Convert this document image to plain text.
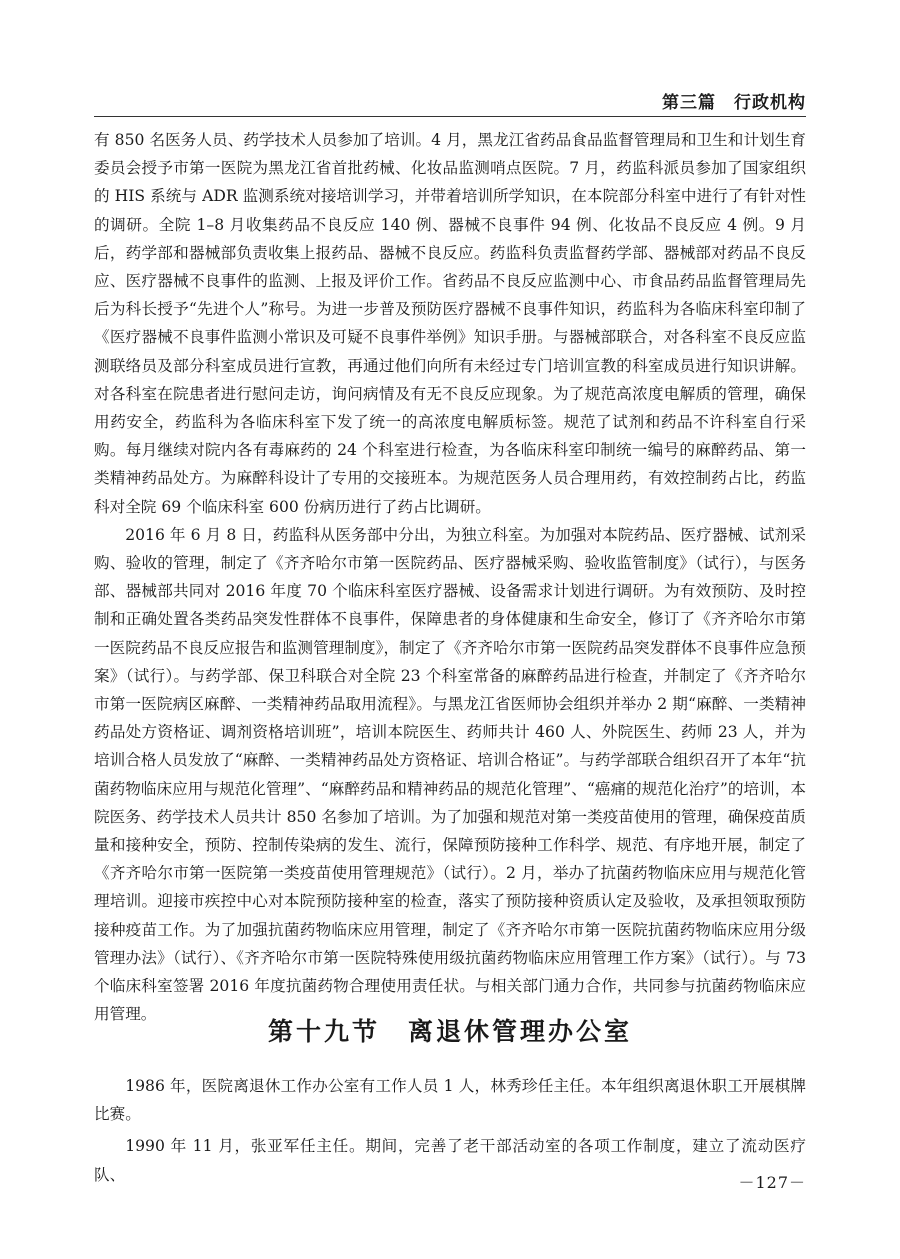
第三篇　行政机构

有 850 名医务人员、药学技术人员参加了培训。4 月，黑龙江省药品食品监督管理局和卫生和计划生育委员会授予市第一医院为黑龙江省首批药械、化妆品监测哨点医院。7 月，药监科派员参加了国家组织的 HIS 系统与 ADR 监测系统对接培训学习，并带着培训所学知识，在本院部分科室中进行了有针对性的调研。全院 1–8 月收集药品不良反应 140 例、器械不良事件 94 例、化妆品不良反应 4 例。9 月后，药学部和器械部负责收集上报药品、器械不良反应。药监科负责监督药学部、器械部对药品不良反应、医疗器械不良事件的监测、上报及评价工作。省药品不良反应监测中心、市食品药品监督管理局先后为科长授予“先进个人”称号。为进一步普及预防医疗器械不良事件知识，药监科为各临床科室印制了《医疗器械不良事件监测小常识及可疑不良事件举例》知识手册。与器械部联合，对各科室不良反应监测联络员及部分科室成员进行宣教，再通过他们向所有未经过专门培训宣教的科室成员进行知识讲解。对各科室在院患者进行慰问走访，询问病情及有无不良反应现象。为了规范高浓度电解质的管理，确保用药安全，药监科为各临床科室下发了统一的高浓度电解质标签。规范了试剂和药品不许科室自行采购。每月继续对院内各有毒麻药的 24 个科室进行检查，为各临床科室印制统一编号的麻醉药品、第一类精神药品处方。为麻醉科设计了专用的交接班本。为规范医务人员合理用药，有效控制药占比，药监科对全院 69 个临床科室 600 份病历进行了药占比调研。

2016 年 6 月 8 日，药监科从医务部中分出，为独立科室。为加强对本院药品、医疗器械、试剂采购、验收的管理，制定了《齐齐哈尔市第一医院药品、医疗器械采购、验收监管制度》（试行），与医务部、器械部共同对 2016 年度 70 个临床科室医疗器械、设备需求计划进行调研。为有效预防、及时控制和正确处置各类药品突发性群体不良事件，保障患者的身体健康和生命安全，修订了《齐齐哈尔市第一医院药品不良反应报告和监测管理制度》，制定了《齐齐哈尔市第一医院药品突发群体不良事件应急预案》（试行）。与药学部、保卫科联合对全院 23 个科室常备的麻醉药品进行检查，并制定了《齐齐哈尔市第一医院病区麻醉、一类精神药品取用流程》。与黑龙江省医师协会组织并举办 2 期“麻醉、一类精神药品处方资格证、调剂资格培训班”，培训本院医生、药师共计 460 人、外院医生、药师 23 人，并为培训合格人员发放了“麻醉、一类精神药品处方资格证、培训合格证”。与药学部联合组织召开了本年“抗菌药物临床应用与规范化管理”、“麻醉药品和精神药品的规范化管理”、“癌痛的规范化治疗”的培训，本院医务、药学技术人员共计 850 名参加了培训。为了加强和规范对第一类疫苗使用的管理，确保疫苗质量和接种安全，预防、控制传染病的发生、流行，保障预防接种工作科学、规范、有序地开展，制定了《齐齐哈尔市第一医院第一类疫苗使用管理规范》（试行）。2 月，举办了抗菌药物临床应用与规范化管理培训。迎接市疾控中心对本院预防接种室的检查，落实了预防接种资质认定及验收，及承担领取预防接种疫苗工作。为了加强抗菌药物临床应用管理，制定了《齐齐哈尔市第一医院抗菌药物临床应用分级管理办法》（试行）、《齐齐哈尔市第一医院特殊使用级抗菌药物临床应用管理工作方案》（试行）。与 73 个临床科室签署 2016 年度抗菌药物合理使用责任状。与相关部门通力合作，共同参与抗菌药物临床应用管理。

第十九节　离退休管理办公室

1986 年，医院离退休工作办公室有工作人员 1 人，林秀珍任主任。本年组织离退休职工开展棋牌比赛。

1990 年 11 月，张亚军任主任。期间，完善了老干部活动室的各项工作制度，建立了流动医疗队、	－127－
